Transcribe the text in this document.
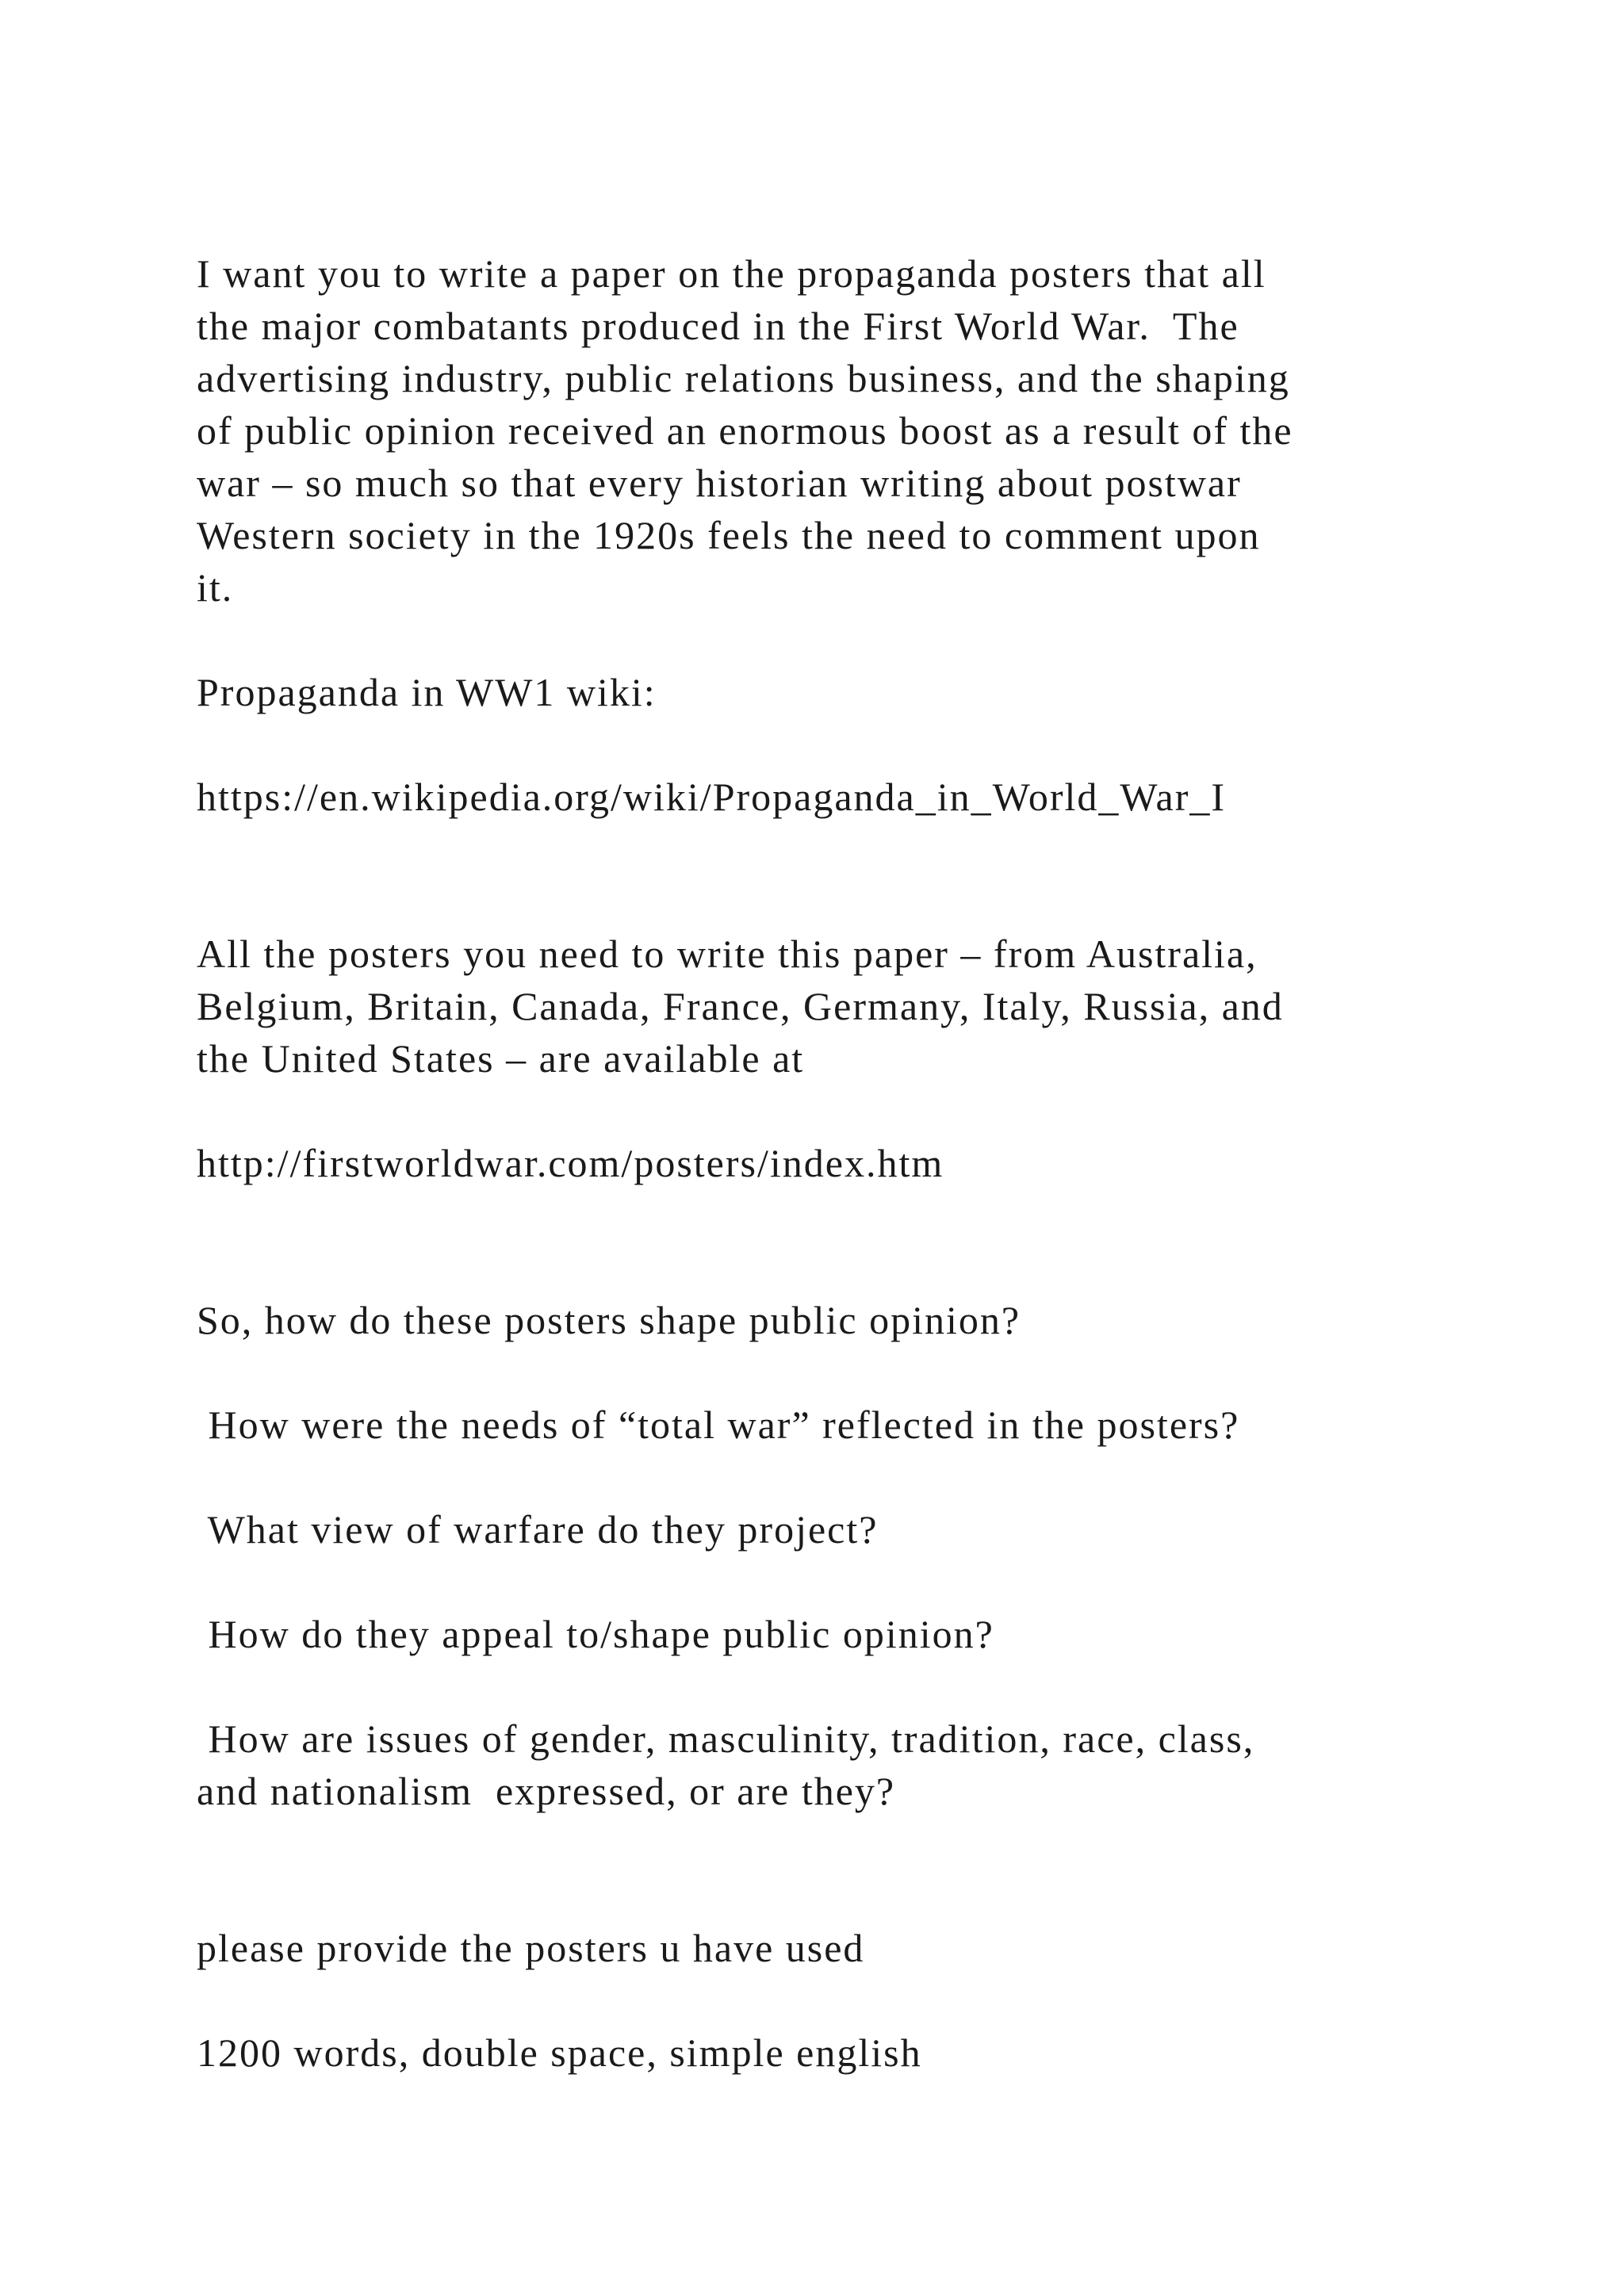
I want you to write a paper on the propaganda posters that all
the major combatants produced in the First World War.  The
advertising industry, public relations business, and the shaping
of public opinion received an enormous boost as a result of the
war – so much so that every historian writing about postwar
Western society in the 1920s feels the need to comment upon
it.
Propaganda in WW1 wiki:
https://en.wikipedia.org/wiki/Propaganda_in_World_War_I
All the posters you need to write this paper – from Australia,
Belgium, Britain, Canada, France, Germany, Italy, Russia, and
the United States – are available at
http://firstworldwar.com/posters/index.htm
So, how do these posters shape public opinion?
How were the needs of “total war” reflected in the posters?
What view of warfare do they project?
How do they appeal to/shape public opinion?
How are issues of gender, masculinity, tradition, race, class,
and nationalism  expressed, or are they?
please provide the posters u have used
1200 words, double space, simple english
